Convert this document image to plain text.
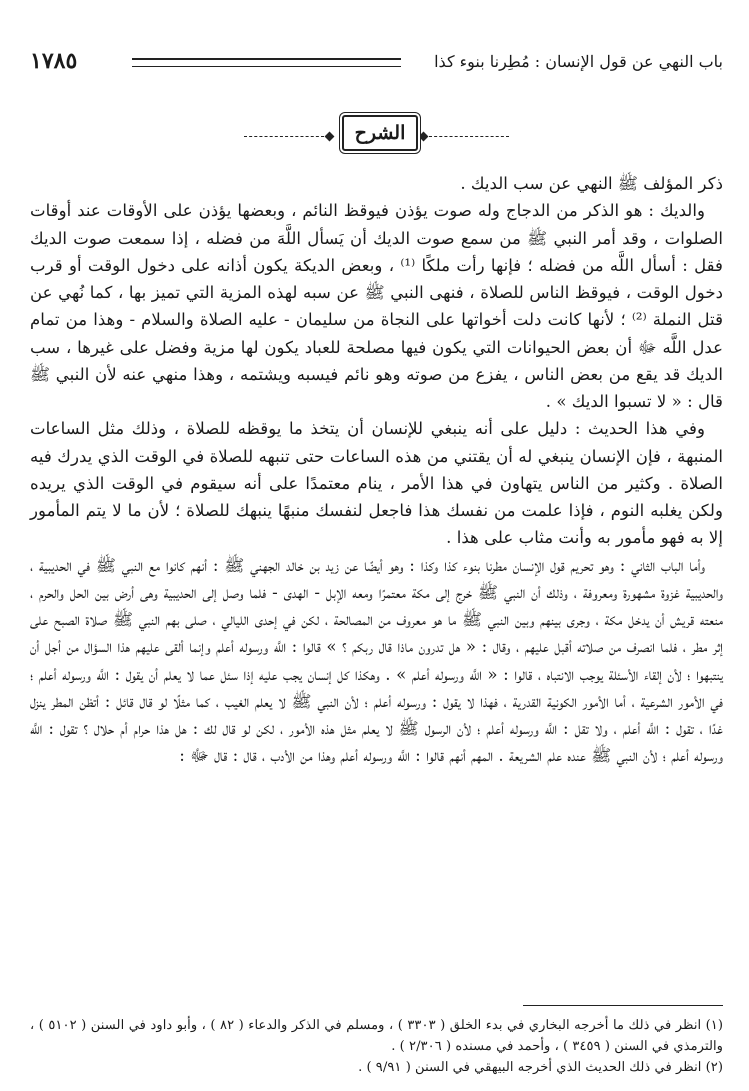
باب النهي عن قول الإنسان : مُطِرنا بنوء كذا
١٧٨٥
الشرح

ذكر المؤلف ﷺ النهي عن سب الديك .

والديك : هو الذكر من الدجاج وله صوت يؤذن فيوقظ النائم ، وبعضها يؤذن على الأوقات عند أوقات الصلوات ، وقد أمر النبي ﷺ من سمع صوت الديك أن يَسأل اللَّهَ من فضله ، إذا سمعت صوت الديك فقل : أسأل اللَّه من فضله ؛ فإنها رأت ملكًا ⁽¹⁾ ، وبعض الديكة يكون أذانه على دخول الوقت أو قرب دخول الوقت ، فيوقظ الناس للصلاة ، فنهى النبي ﷺ عن سبه لهذه المزية التي تميز بها ، كما نُهي عن قتل النملة ⁽²⁾ ؛ لأنها كانت دلت أخواتها على النجاة من سليمان - عليه الصلاة والسلام - وهذا من تمام عدل اللَّه ﷻ أن بعض الحيوانات التي يكون فيها مصلحة للعباد يكون لها مزية وفضل على غيرها ، سب الديك قد يقع من بعض الناس ، يفزع من صوته وهو نائم فيسبه ويشتمه ، وهذا منهي عنه لأن النبي ﷺ قال : « لا تسبوا الديك » .

وفي هذا الحديث : دليل على أنه ينبغي للإنسان أن يتخذ ما يوقظه للصلاة ، وذلك مثل الساعات المنبهة ، فإن الإنسان ينبغي له أن يقتني من هذه الساعات حتى تنبهه للصلاة في الوقت الذي يدرك فيه الصلاة . وكثير من الناس يتهاون في هذا الأمر ، ينام معتمدًا على أنه سيقوم في الوقت الذي يريده ولكن يغلبه النوم ، فإذا علمت من نفسك هذا فاجعل لنفسك منبهًا ينبهك للصلاة ؛ لأن ما لا يتم المأمور إلا به فهو مأمور به وأنت مثاب على هذا .

وأما الباب الثاني : وهو تحريم قول الإنسان مطرنا بنوء كذا وكذا : وهو أيضًا عن زيد بن خالد الجهني ﷺ : أنهم كانوا مع النبي ﷺ في الحديبية ، والحديبية غزوة مشهورة ومعروفة ، وذلك أن النبي ﷺ خرج إلى مكة معتمرًا ومعه الإبل - الهدى - فلما وصل إلى الحديبية وهى أرض بين الحل والحرم ، منعته قريش أن يدخل مكة ، وجرى بينهم وبين النبي ﷺ ما هو معروف من المصالحة ، لكن في إحدى الليالي ، صلى بهم النبي ﷺ صلاة الصبح على إثر مطر ، فلما انصرف من صلاته أقبل عليهم ، وقال : « هل تدرون ماذا قال ربكم ؟ » قالوا : اللَّه ورسوله أعلم وإنما ألقى عليهم هذا السؤال من أجل أن ينتبهوا ؛ لأن إلقاء الأسئلة يوجب الانتباه ، قالوا : « اللَّه ورسوله أعلم » . وهكذا كل إنسان يجب عليه إذا سئل عما لا يعلم أن يقول : اللَّه ورسوله أعلم ؛ في الأمور الشرعية ، أما الأمور الكونية القدرية ، فهذا لا يقول : ورسوله أعلم ؛ لأن النبي ﷺ لا يعلم الغيب ، كما مثلًا لو قال قائل : أتظن المطر ينزل غدًا ، تقول : اللَّه أعلم ، ولا تقل : اللَّه ورسوله أعلم ؛ لأن الرسول ﷺ لا يعلم مثل هذه الأمور ، لكن لو قال لك : هل هذا حرام أم حلال ؟ تقول : اللَّه ورسوله أعلم ؛ لأن النبي ﷺ عنده علم الشريعة . المهم أنهم قالوا : اللَّه ورسوله أعلم وهذا من الأدب ، قال : قال ﷻ :

(١) انظر في ذلك ما أخرجه البخاري في بدء الخلق ( ٣٣٠٣ ) ، ومسلم في الذكر والدعاء ( ٨٢ ) ، وأبو داود في السنن ( ٥١٠٢ ) ، والترمذي في السنن ( ٣٤٥٩ ) ، وأحمد في مسنده ( ٢/٣٠٦ ) .

(٢) انظر في ذلك الحديث الذي أخرجه البيهقي في السنن ( ٩/٩١ ) .
